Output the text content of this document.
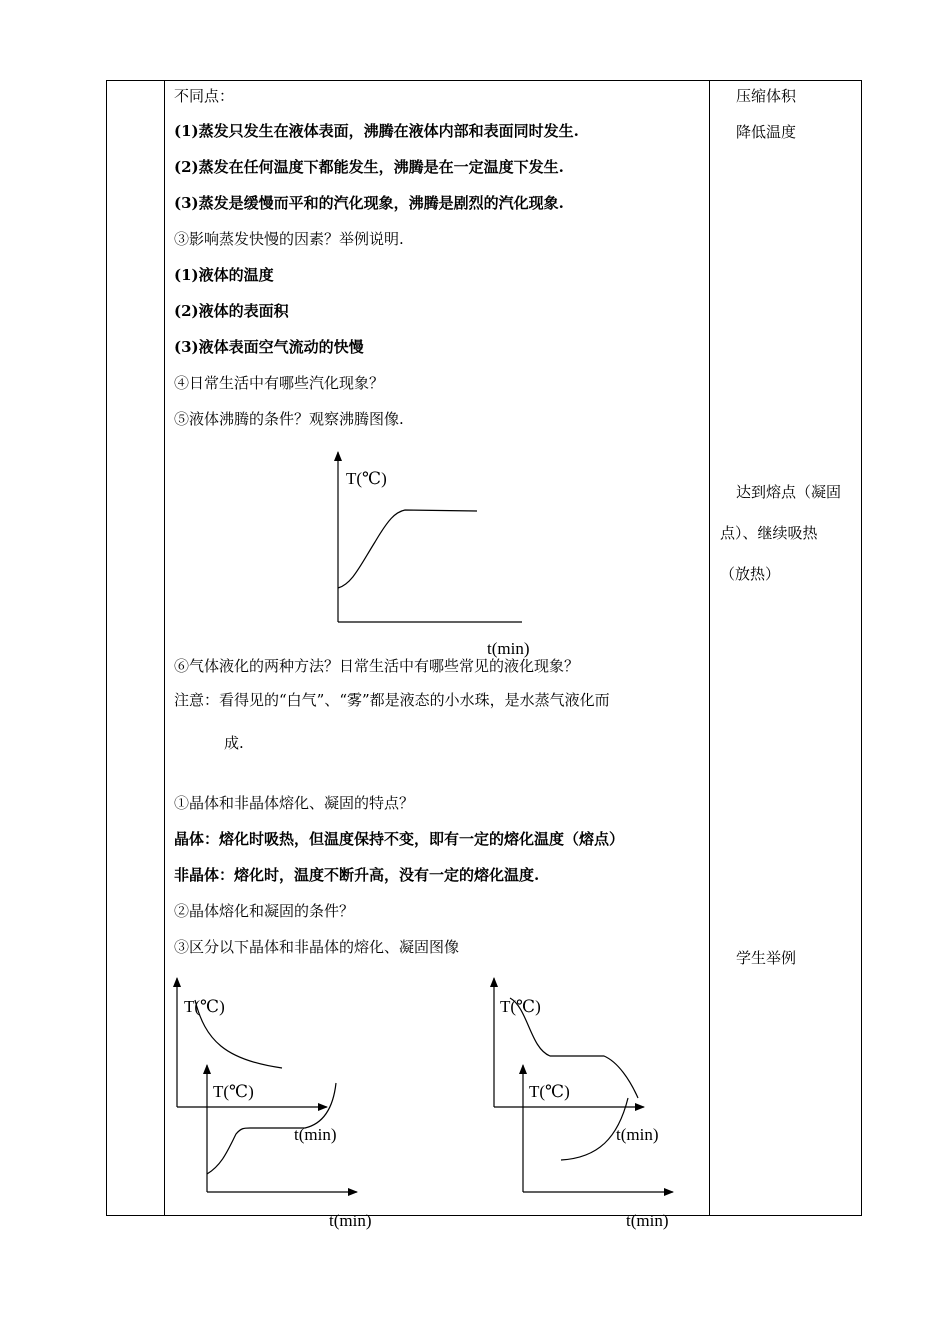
不同点：
(1)蒸发只发生在液体表面，沸腾在液体内部和表面同时发生.
(2)蒸发在任何温度下都能发生，沸腾是在一定温度下发生.
(3)蒸发是缓慢而平和的汽化现象，沸腾是剧烈的汽化现象.
③影响蒸发快慢的因素？举例说明.
(1)液体的温度
(2)液体的表面积
(3)液体表面空气流动的快慢
④日常生活中有哪些汽化现象？
⑤液体沸腾的条件？观察沸腾图像.
⑥气体液化的两种方法？日常生活中有哪些常见的液化现象？
注意：看得见的“白气”、“雾”都是液态的小水珠，是水蒸气液化而
成.
①晶体和非晶体熔化、凝固的特点？
晶体：熔化时吸热，但温度保持不变，即有一定的熔化温度（熔点）
非晶体：熔化时，温度不断升高，没有一定的熔化温度.
②晶体熔化和凝固的条件？
③区分以下晶体和非晶体的熔化、凝固图像
压缩体积
降低温度
达到熔点（凝固
点）、继续吸热
（放热）
学生举例
T(℃)
t(min)
T(℃)
t(min)
T(℃)
t(min)
T(℃)
t(min)
T(℃)
t(min)
